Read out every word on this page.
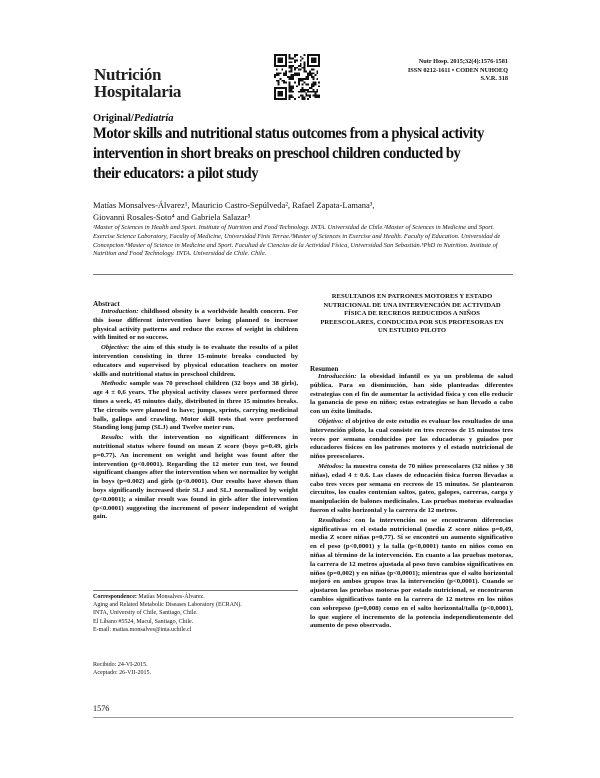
Nutrición
Hospitalaria
Nutr Hosp. 2015;32(4):1576-1581
ISSN 0212-1611 • CODEN NUHOEQ
S.V.R. 318
Original/Pediatría
Motor skills and nutritional status outcomes from a physical activity intervention in short breaks on preschool children conducted by their educators: a pilot study
Matías Monsalves-Álvarez¹, Mauricio Castro-Sepúlveda², Rafael Zapata-Lamana³,
Giovanni Rosales-Soto⁴ and Gabriela Salazar⁵
¹Master of Sciences in Health and Sport. Institute of Nutrition and Food Technology. INTA. Universidad de Chile.²Master of Sciences in Medicine and Sport. Exercise Science Laboratory, Faculty of Medicine, Universidad Finis Terrae.³Master of Sciences in Exercise and Health. Faculty of Education. Universidad de Concepcion.⁴Master of Science in Medicine and Sport. Facultad de Ciencias de la Actividad Física, Universidad San Sebastián.⁵PhD in Nutrition. Institute of Nutrition and Food Technology. INTA. Universidad de Chile. Chile.
Abstract

Introduction: childhood obesity is a worldwide health concern. For this issue different intervention have being planned to increase physical activity patterns and reduce the excess of weight in children with limited or no success.

Objective: the aim of this study is to evaluate the results of a pilot intervention consisting in three 15-minute breaks conducted by educators and supervised by physical education teachers on motor skills and nutritional status in preschool children.

Methods: sample was 70 preschool children (32 boys and 38 girls), age 4 ± 0,6 years. The physical activity classes were performed three times a week, 45 minutes daily, distributed in three 15 minutes breaks. The circuits were planned to have; jumps, sprints, carrying medicinal balls, gallops and crawling. Motor skill tests that were performed Standing long jump (SLJ) and Twelve meter run.

Results: with the intervention no significant differences in nutritional status where found on mean Z score (boys p=0.49, girls p=0.77). An increment on weight and height was fount after the intervention (p<0.0001). Regarding the 12 meter run test, we found significant changes after the intervention when we normalize by weight in boys (p=0.002) and girls (p<0.0001). Our results have shown than boys significantly increased their SLJ and SLJ normalized by weight (p<0.0001); a similar result was found in girls after the intervention (p<0.0001) suggesting the increment of power independent of weight gain.

Correspondence: Matías Monsalves-Álvarez.
Aging and Related Metabolic Diseases Laboratory (ECRAN).
INTA, University of Chile, Santiago, Chile.
El Líbano #5524, Macul, Santiago, Chile.
E-mail: matias.monsalves@inta.uchile.cl
Recibido: 24-VI-2015.
Aceptado: 26-VII-2015.
RESULTADOS EN PATRONES MOTORES Y ESTADO NUTRICIONAL DE UNA INTERVENCIÓN DE ACTIVIDAD FÍSICA DE RECREOS REDUCIDOS A NIÑOS PREESCOLARES, CONDUCIDA POR SUS PROFESORAS EN UN ESTUDIO PILOTO
Resumen

Introducción: la obesidad infantil es ya un problema de salud pública. Para su disminución, han sido planteadas diferentes estrategias con el fin de aumentar la actividad física y con ello reducir la ganancia de peso en niños; estas estrategias se han llevado a cabo con un éxito limitado.

Objetivo: el objetivo de este estudio es evaluar los resultados de una intervención piloto, la cual consiste en tres recreos de 15 minutos tres veces por semana conducidos por las educadoras y guiados por educadores físicos en los patrones motores y el estado nutricional de niños preescolares.

Métodos: la muestra consta de 70 niños preescolares (32 niños y 38 niñas), edad 4 ± 0.6. Las clases de educación física fueron llevadas a cabo tres veces por semana en recreos de 15 minutos. Se plantearon circuitos, los cuales contenían saltos, gateo, galopes, carreras, carga y manipulación de balones medicinales. Las pruebas motoras evaluadas fueron el salto horizontal y la carrera de 12 metros.

Resultados: con la intervención no se encontraron diferencias significativas en el estado nutricional (media Z score niños p=0,49, media Z score niñas p=0,77). Sí se encontró un aumento significativo en el peso (p<0,0001) y la talla (p<0,0001) tanto en niños como en niñas al término de la intervención. En cuanto a las pruebas motoras, la carrera de 12 metros ajustada al peso tuvo cambios significativos en niños (p=0,002) y en niñas (p<0,0001); mientras que el salto horizontal mejoró en ambos grupos tras la intervención (p<0,0001). Cuando se ajustaron las pruebas motoras por estado nutricional, se encontraron cambios significativos tanto en la carrera de 12 metros en los niños con sobrepeso (p=0,008) como en el salto horizontal/talla (p<0,0001), lo que sugiere el incremento de la potencia independientemente del aumento de peso observado.

1576
